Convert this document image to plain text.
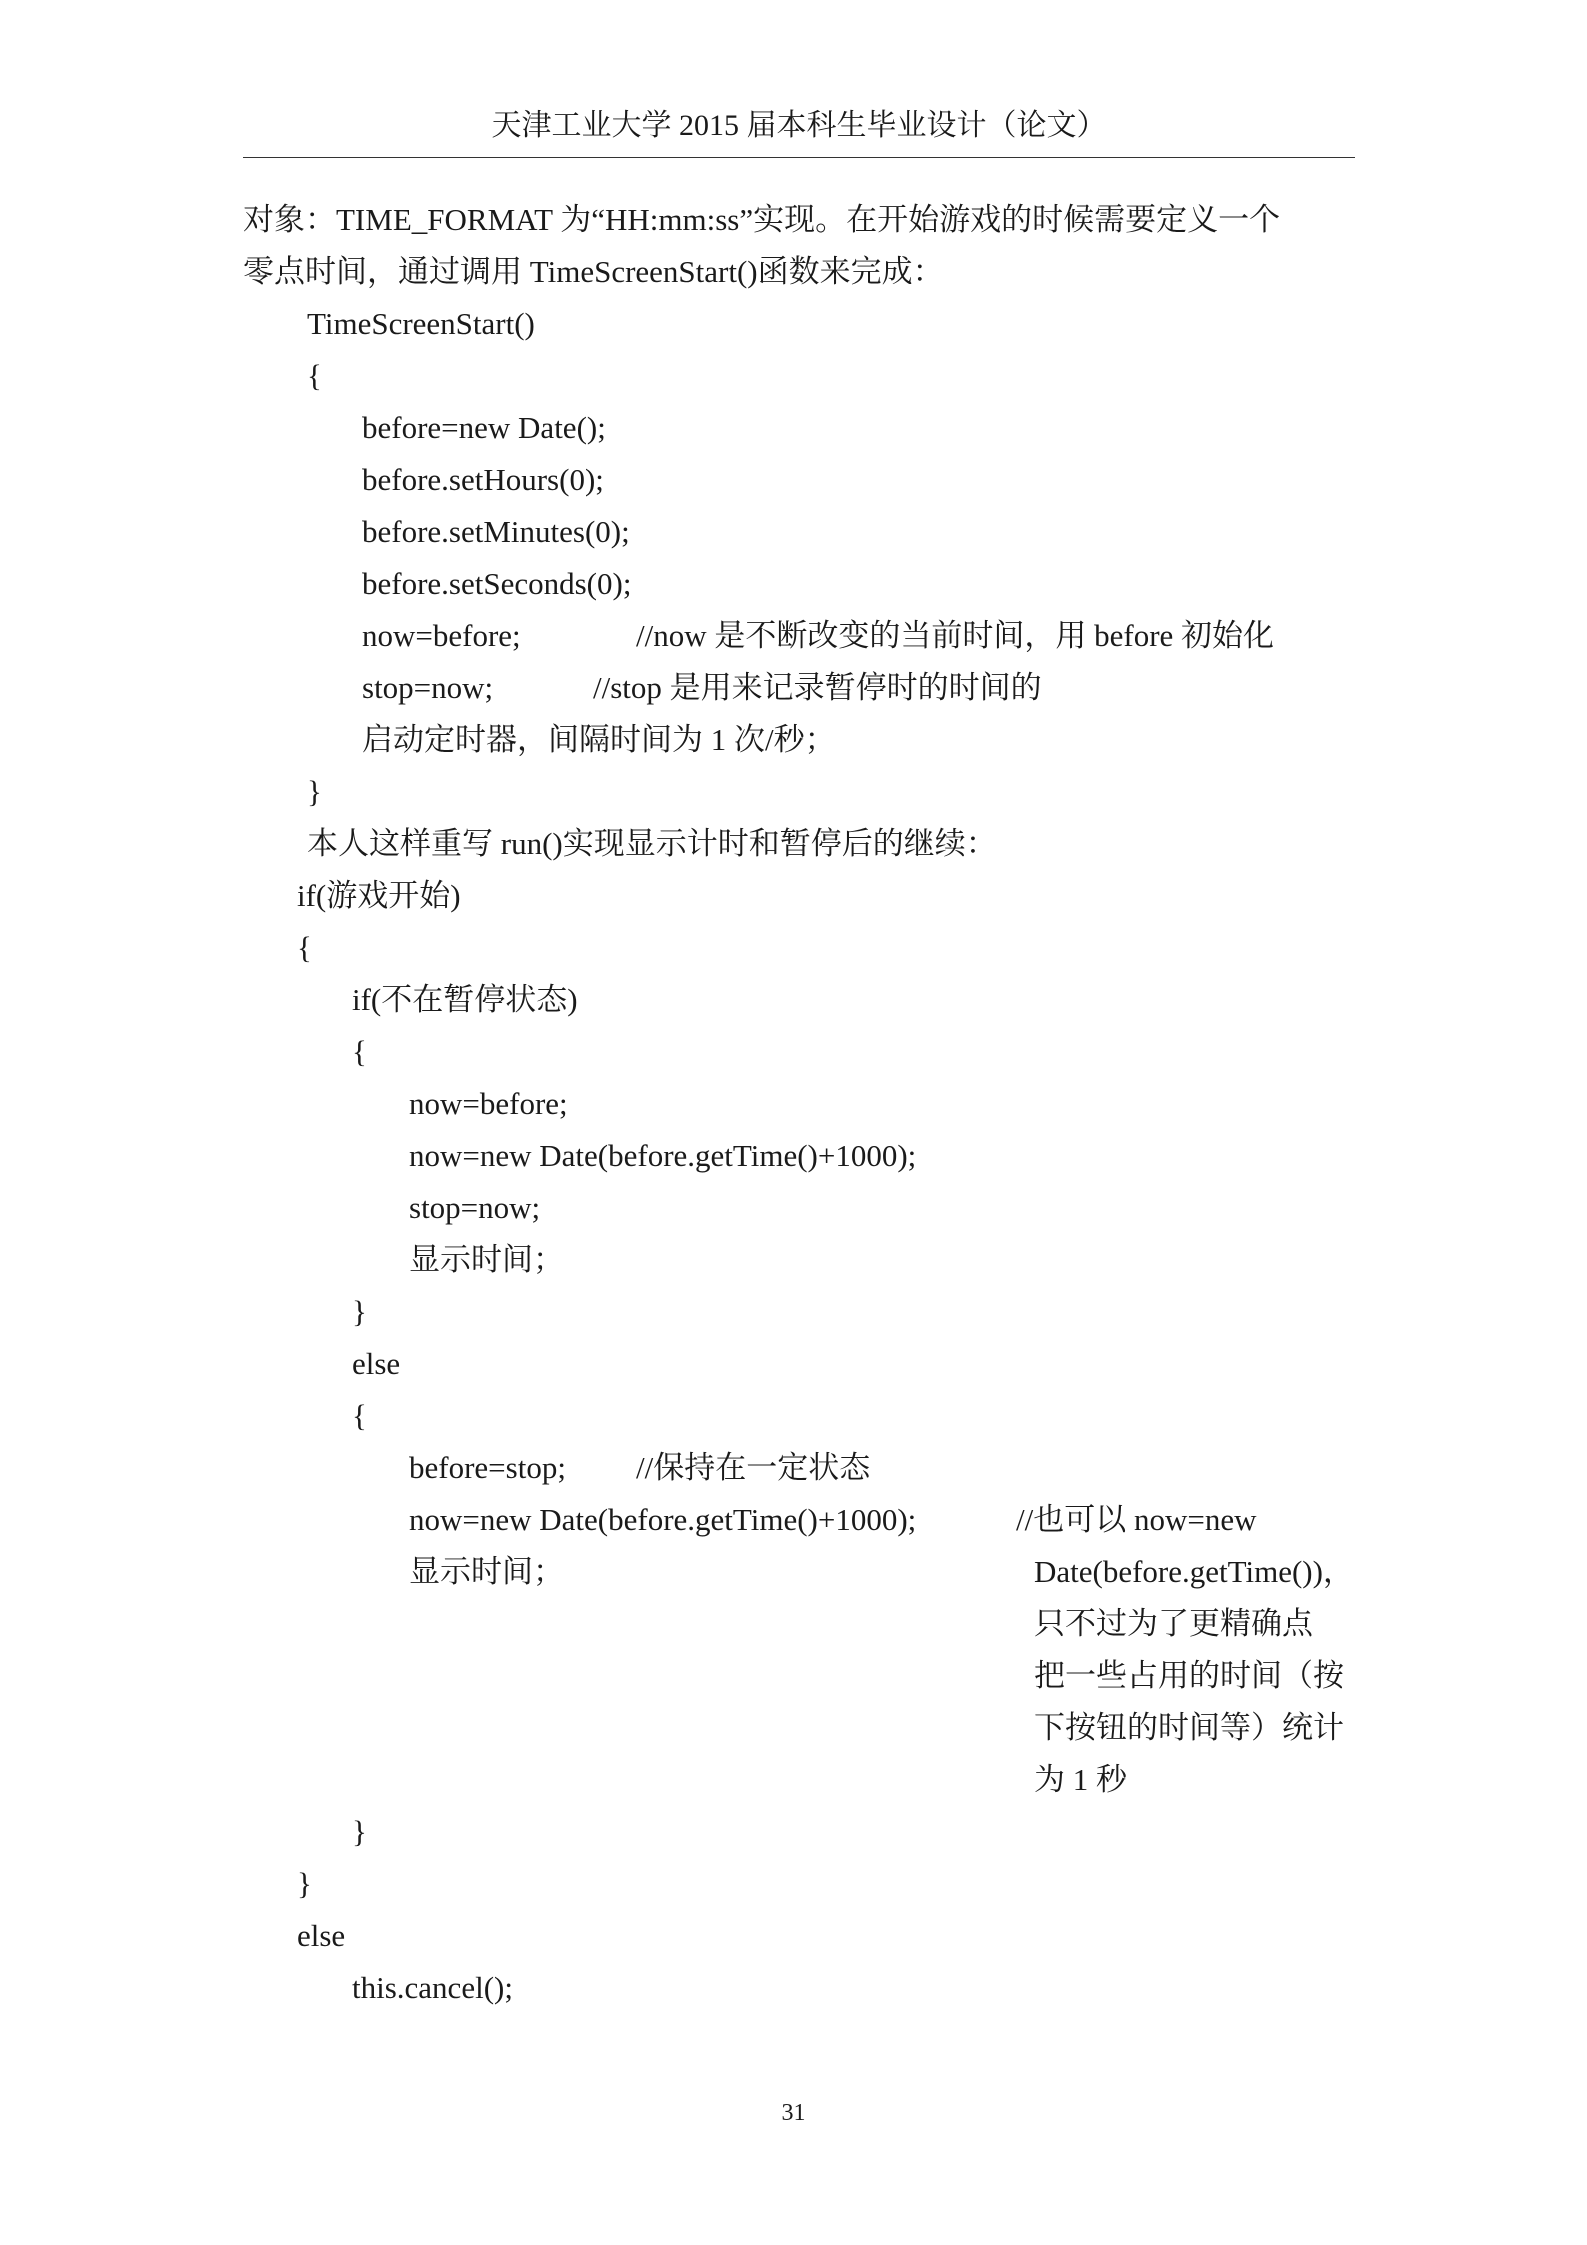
天津工业大学 2015 届本科生毕业设计（论文）
对象：TIME_FORMAT 为“HH:mm:ss”实现。在开始游戏的时候需要定义一个
零点时间，通过调用 TimeScreenStart()函数来完成：
TimeScreenStart()
{
before=new Date();
before.setHours(0);
before.setMinutes(0);
before.setSeconds(0);
now=before;	//now 是不断改变的当前时间，用 before 初始化
stop=now;	//stop 是用来记录暂停时的时间的
启动定时器，间隔时间为 1 次/秒；
}
本人这样重写 run()实现显示计时和暂停后的继续：
if(游戏开始)
{
if(不在暂停状态)
{
now=before;
now=new Date(before.getTime()+1000);
stop=now;
显示时间；
}
else
{
before=stop; //保持在一定状态
now=new Date(before.getTime()+1000);	//也可以 now=new
显示时间；	Date(before.getTime())，
只不过为了更精确点
把一些占用的时间（按
下按钮的时间等）统计
为 1 秒
}
}
else
this.cancel();
31
